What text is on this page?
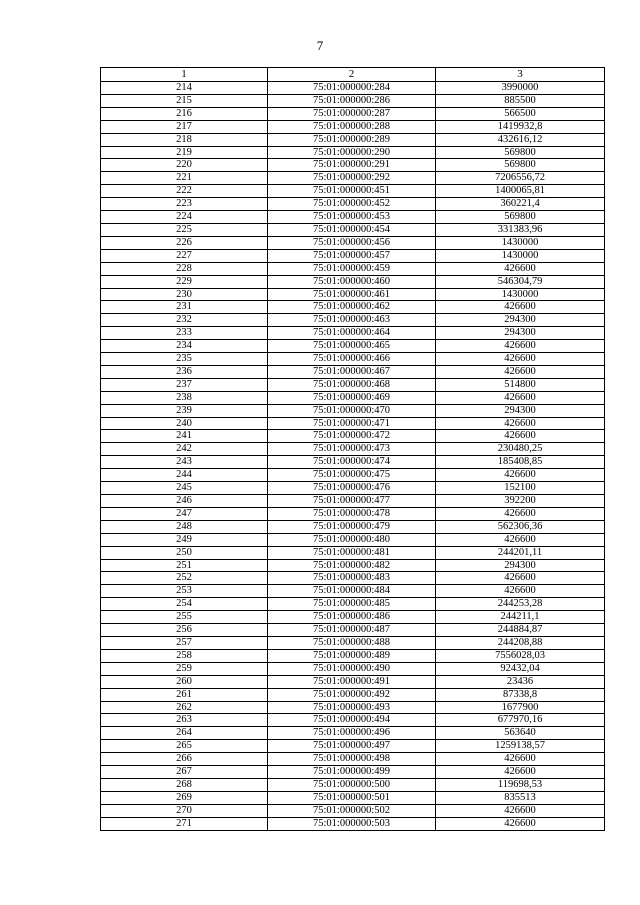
7
1	2	3
214	75:01:000000:284	3990000
215	75:01:000000:286	885500
216	75:01:000000:287	566500
217	75:01:000000:288	1419932,8
218	75:01:000000:289	432616,12
219	75:01:000000:290	569800
220	75:01:000000:291	569800
221	75:01:000000:292	7206556,72
222	75:01:000000:451	1400065,81
223	75:01:000000:452	360221,4
224	75:01:000000:453	569800
225	75:01:000000:454	331383,96
226	75:01:000000:456	1430000
227	75:01:000000:457	1430000
228	75:01:000000:459	426600
229	75:01:000000:460	546304,79
230	75:01:000000:461	1430000
231	75:01:000000:462	426600
232	75:01:000000:463	294300
233	75:01:000000:464	294300
234	75:01:000000:465	426600
235	75:01:000000:466	426600
236	75:01:000000:467	426600
237	75:01:000000:468	514800
238	75:01:000000:469	426600
239	75:01:000000:470	294300
240	75:01:000000:471	426600
241	75:01:000000:472	426600
242	75:01:000000:473	230480,25
243	75:01:000000:474	185408,85
244	75:01:000000:475	426600
245	75:01:000000:476	152100
246	75:01:000000:477	392200
247	75:01:000000:478	426600
248	75:01:000000:479	562306,36
249	75:01:000000:480	426600
250	75:01:000000:481	244201,11
251	75:01:000000:482	294300
252	75:01:000000:483	426600
253	75:01:000000:484	426600
254	75:01:000000:485	244253,28
255	75:01:000000:486	244211,1
256	75:01:000000:487	244884,87
257	75:01:000000:488	244208,88
258	75:01:000000:489	7556028,03
259	75:01:000000:490	92432,04
260	75:01:000000:491	23436
261	75:01:000000:492	87338,8
262	75:01:000000:493	1677900
263	75:01:000000:494	677970,16
264	75:01:000000:496	563640
265	75:01:000000:497	1259138,57
266	75:01:000000:498	426600
267	75:01:000000:499	426600
268	75:01:000000:500	119698,53
269	75:01:000000:501	835513
270	75:01:000000:502	426600
271	75:01:000000:503	426600
